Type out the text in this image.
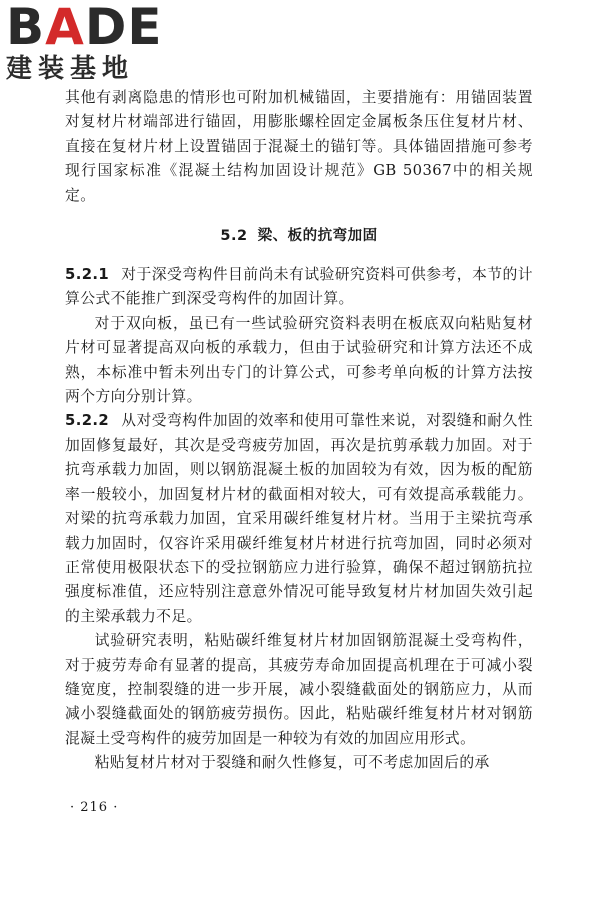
BADE
建装基地

其他有剥离隐患的情形也可附加机械锚固，主要措施有：用锚固装置对复材片材端部进行锚固，用膨胀螺栓固定金属板条压住复材片材、直接在复材片材上设置锚固于混凝土的锚钉等。具体锚固措施可参考现行国家标准《混凝土结构加固设计规范》GB 50367中的相关规定。

5.2 梁、板的抗弯加固

5.2.1 对于深受弯构件目前尚未有试验研究资料可供参考，本节的计算公式不能推广到深受弯构件的加固计算。

对于双向板，虽已有一些试验研究资料表明在板底双向粘贴复材片材可显著提高双向板的承载力，但由于试验研究和计算方法还不成熟，本标准中暂未列出专门的计算公式，可参考单向板的计算方法按两个方向分别计算。

5.2.2 从对受弯构件加固的效率和使用可靠性来说，对裂缝和耐久性加固修复最好，其次是受弯疲劳加固，再次是抗剪承载力加固。对于抗弯承载力加固，则以钢筋混凝土板的加固较为有效，因为板的配筋率一般较小，加固复材片材的截面相对较大，可有效提高承载能力。对梁的抗弯承载力加固，宜采用碳纤维复材片材。当用于主梁抗弯承载力加固时，仅容许采用碳纤维复材片材进行抗弯加固，同时必须对正常使用极限状态下的受拉钢筋应力进行验算，确保不超过钢筋抗拉强度标准值，还应特别注意意外情况可能导致复材片材加固失效引起的主梁承载力不足。

试验研究表明，粘贴碳纤维复材片材加固钢筋混凝土受弯构件，对于疲劳寿命有显著的提高，其疲劳寿命加固提高机理在于可减小裂缝宽度，控制裂缝的进一步开展，减小裂缝截面处的钢筋应力，从而减小裂缝截面处的钢筋疲劳损伤。因此，粘贴碳纤维复材片材对钢筋混凝土受弯构件的疲劳加固是一种较为有效的加固应用形式。

粘贴复材片材对于裂缝和耐久性修复，可不考虑加固后的承

· 216 ·
